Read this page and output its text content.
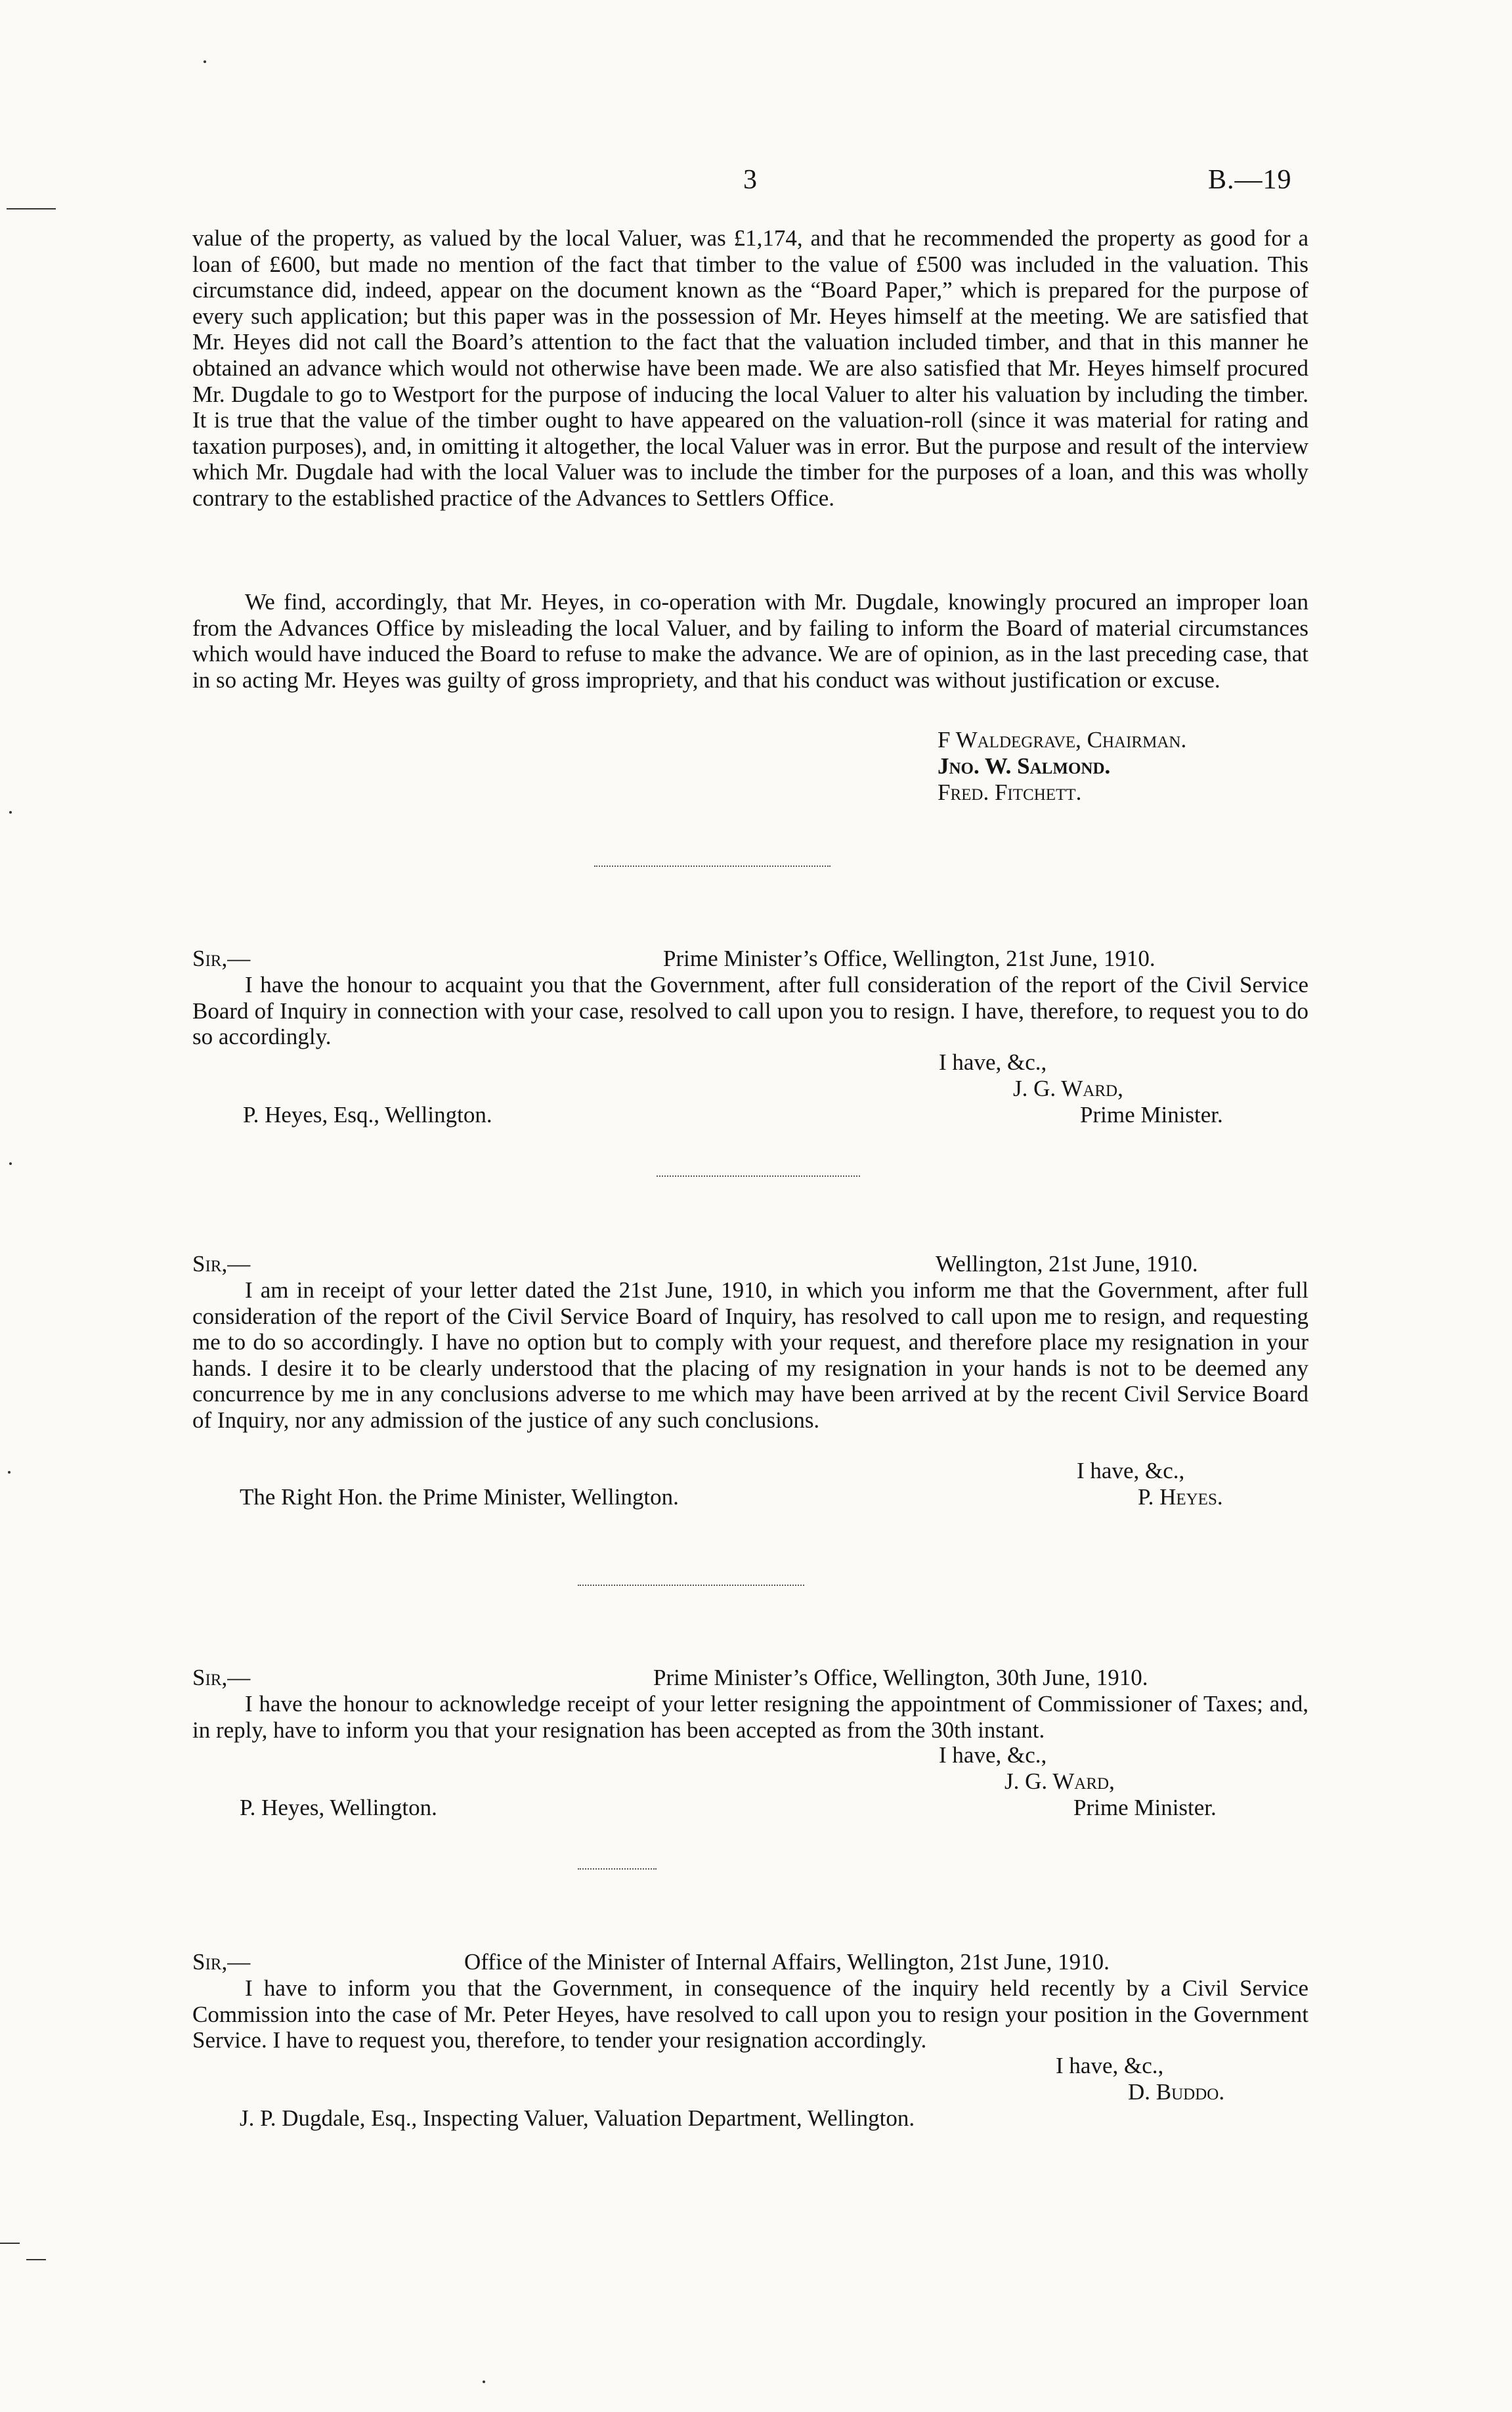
3	B.—19

value of the property, as valued by the local Valuer, was £1,174, and that he recommended the property as good for a loan of £600, but made no mention of the fact that timber to the value of £500 was included in the valuation. This circumstance did, indeed, appear on the document known as the “Board Paper,” which is prepared for the purpose of every such application; but this paper was in the possession of Mr. Heyes himself at the meeting. We are satisfied that Mr. Heyes did not call the Board’s attention to the fact that the valuation included timber, and that in this manner he obtained an advance which would not otherwise have been made. We are also satisfied that Mr. Heyes himself procured Mr. Dugdale to go to Westport for the purpose of inducing the local Valuer to alter his valuation by including the timber. It is true that the value of the timber ought to have appeared on the valuation-roll (since it was material for rating and taxation purposes), and, in omitting it altogether, the local Valuer was in error. But the purpose and result of the interview which Mr. Dugdale had with the local Valuer was to include the timber for the purposes of a loan, and this was wholly contrary to the established practice of the Advances to Settlers Office.

We find, accordingly, that Mr. Heyes, in co-operation with Mr. Dugdale, knowingly procured an improper loan from the Advances Office by misleading the local Valuer, and by failing to inform the Board of material circumstances which would have induced the Board to refuse to make the advance. We are of opinion, as in the last preceding case, that in so acting Mr. Heyes was guilty of gross impropriety, and that his conduct was without justification or excuse.

F Waldegrave, Chairman.
Jno. W. Salmond.
Fred. Fitchett.
Sir,—	Prime Minister’s Office, Wellington, 21st June, 1910.

I have the honour to acquaint you that the Government, after full consideration of the report of the Civil Service Board of Inquiry in connection with your case, resolved to call upon you to resign. I have, therefore, to request you to do so accordingly.

I have, &c.,
J. G. Ward,
P. Heyes, Esq., Wellington.	Prime Minister.
Sir,—	Wellington, 21st June, 1910.

I am in receipt of your letter dated the 21st June, 1910, in which you inform me that the Government, after full consideration of the report of the Civil Service Board of Inquiry, has resolved to call upon me to resign, and requesting me to do so accordingly. I have no option but to comply with your request, and therefore place my resignation in your hands. I desire it to be clearly understood that the placing of my resignation in your hands is not to be deemed any concurrence by me in any conclusions adverse to me which may have been arrived at by the recent Civil Service Board of Inquiry, nor any admission of the justice of any such conclusions.

I have, &c.,
The Right Hon. the Prime Minister, Wellington.	P. Heyes.
Sir,—	Prime Minister’s Office, Wellington, 30th June, 1910.

I have the honour to acknowledge receipt of your letter resigning the appointment of Commissioner of Taxes; and, in reply, have to inform you that your resignation has been accepted as from the 30th instant.

I have, &c.,
J. G. Ward,
P. Heyes, Wellington.	Prime Minister.
Sir,—	Office of the Minister of Internal Affairs, Wellington, 21st June, 1910.

I have to inform you that the Government, in consequence of the inquiry held recently by a Civil Service Commission into the case of Mr. Peter Heyes, have resolved to call upon you to resign your position in the Government Service. I have to request you, therefore, to tender your resignation accordingly.

I have, &c.,
D. Buddo.
J. P. Dugdale, Esq., Inspecting Valuer, Valuation Department, Wellington.
